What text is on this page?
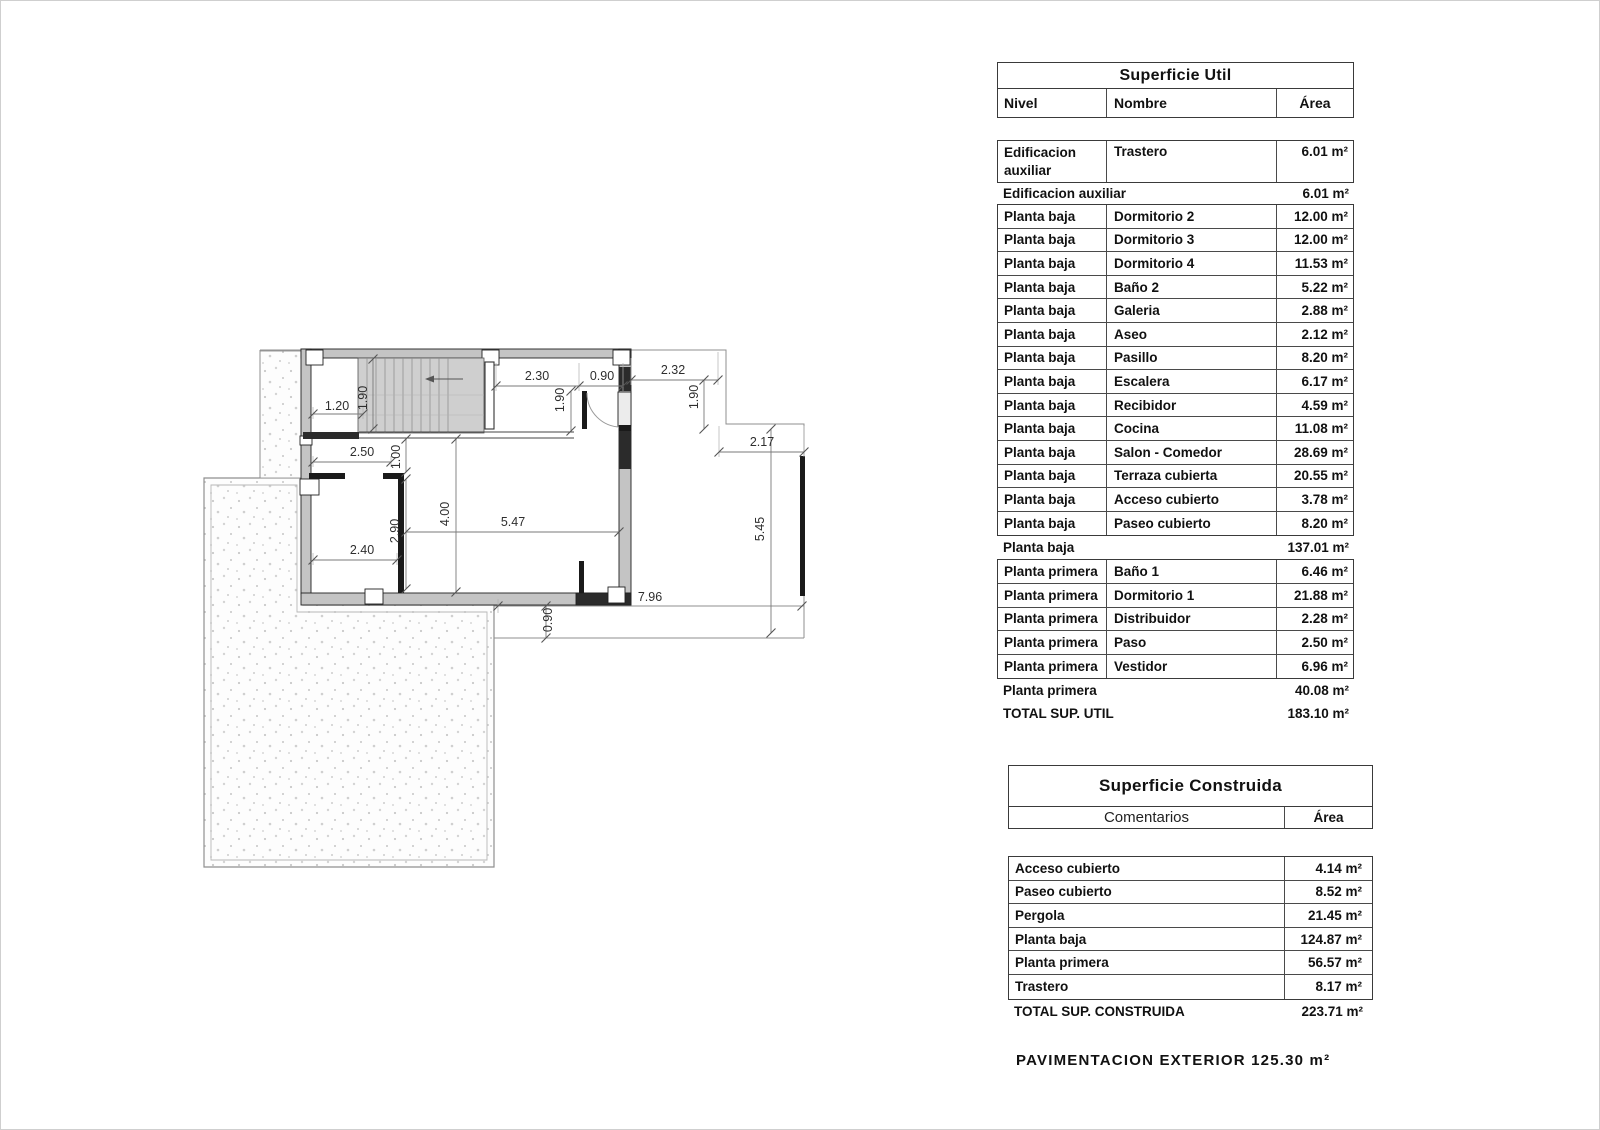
1.20 1.90
2.30	0.90	2.32
1.90	1.90
2.17
2.50 1.00
2.90
2.40
4.00	5.47	5.45
7.96
0.90
Superficie Util
Nivel	Nombre	Área
Edificacion auxiliar
Trastero	6.01 m²
Edificacion auxiliar	6.01 m²
Planta baja	Dormitorio 2	12.00 m²
Planta baja	Dormitorio 3	12.00 m²
Planta baja	Dormitorio 4	11.53 m²
Planta baja	Baño 2	5.22 m²
Planta baja	Galeria	2.88 m²
Planta baja	Aseo	2.12 m²
Planta baja	Pasillo	8.20 m²
Planta baja	Escalera	6.17 m²
Planta baja	Recibidor	4.59 m²
Planta baja	Cocina	11.08 m²
Planta baja	Salon - Comedor	28.69 m²
Planta baja	Terraza cubierta	20.55 m²
Planta baja	Acceso cubierto	3.78 m²
Planta baja	Paseo cubierto	8.20 m²
Planta baja	137.01 m²
Planta primera	Baño 1	6.46 m²
Planta primera	Dormitorio 1	21.88 m²
Planta primera	Distribuidor	2.28 m²
Planta primera	Paso	2.50 m²
Planta primera	Vestidor	6.96 m²
Planta primera	40.08 m²
TOTAL SUP. UTIL	183.10 m²
Superficie Construida
Comentarios	Área
Acceso cubierto	4.14 m²
Paseo cubierto	8.52 m²
Pergola	21.45 m²
Planta baja	124.87 m²
Planta primera	56.57 m²
Trastero	8.17 m²
TOTAL SUP. CONSTRUIDA	223.71 m²
PAVIMENTACION EXTERIOR 125.30 m²
